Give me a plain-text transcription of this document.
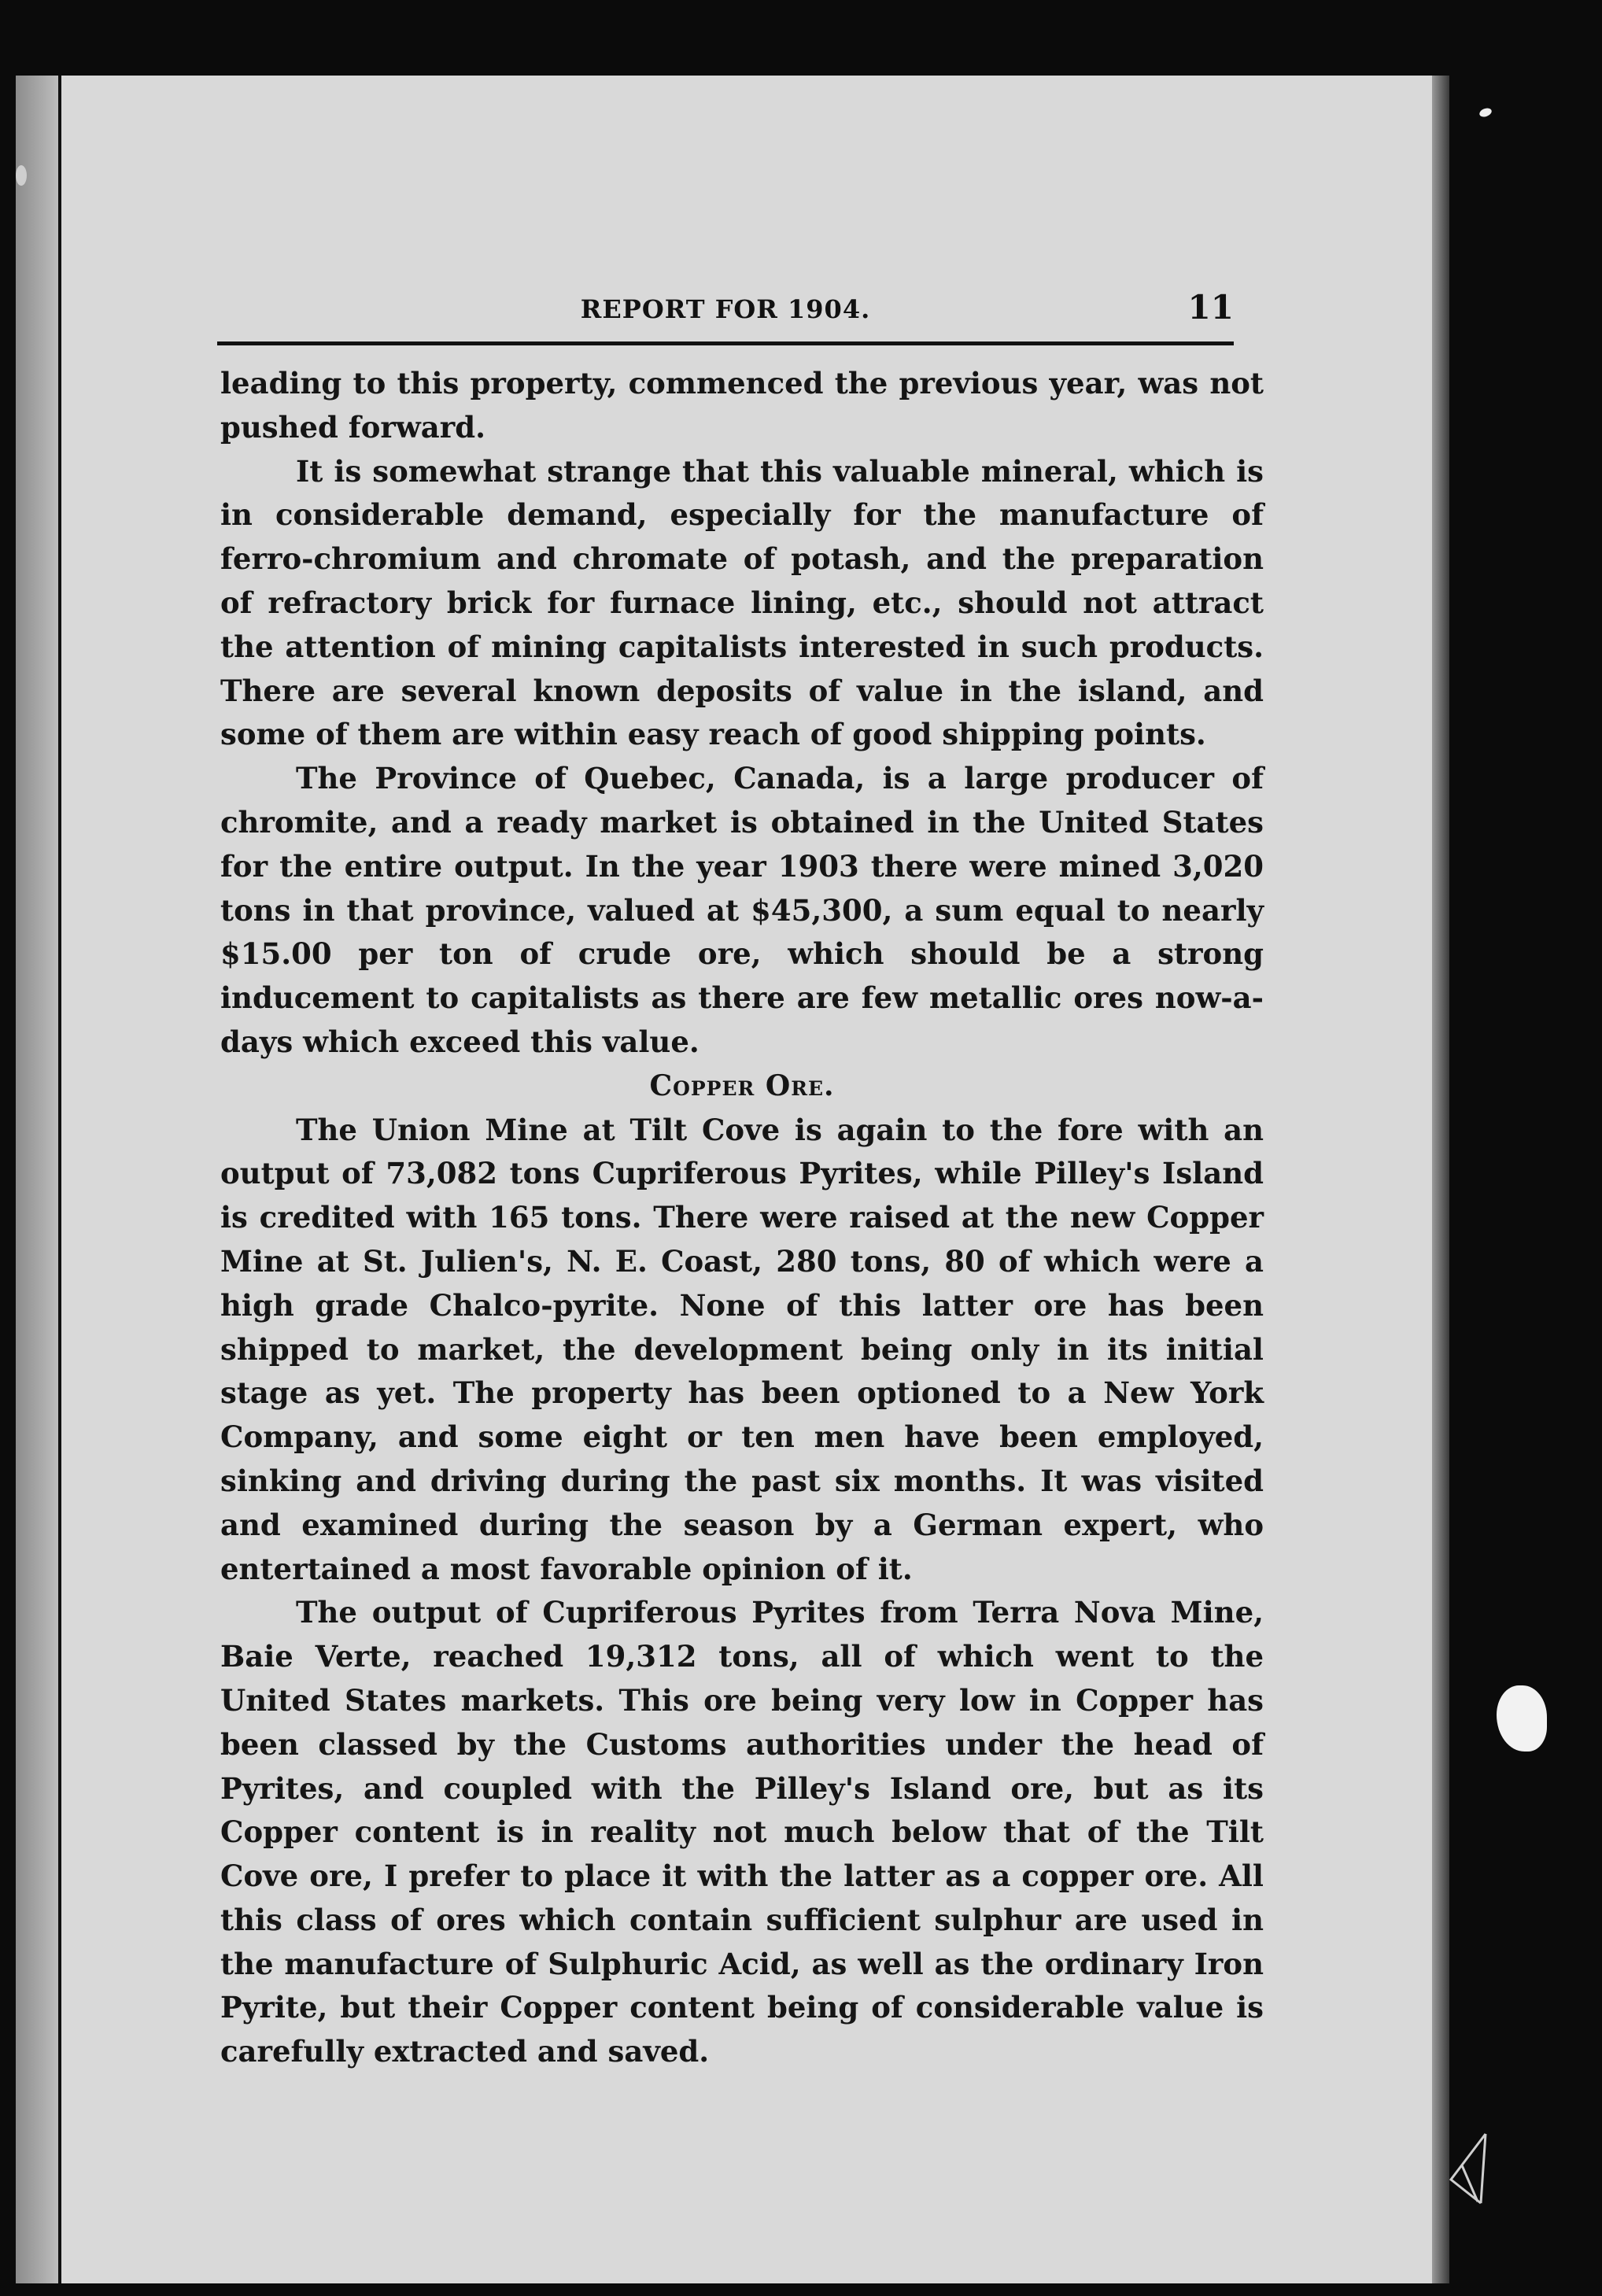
REPORT FOR 1904.	11

leading to this property, commenced the previous year, was not pushed forward.

It is somewhat strange that this valuable mineral, which is in considerable demand, especially for the manufacture of ferro-chromium and chromate of potash, and the preparation of refractory brick for furnace lining, etc., should not attract the attention of mining capitalists interested in such products. There are several known deposits of value in the island, and some of them are within easy reach of good shipping points.

The Province of Quebec, Canada, is a large producer of chromite, and a ready market is obtained in the United States for the entire output. In the year 1903 there were mined 3,020 tons in that province, valued at $45,300, a sum equal to nearly $15.00 per ton of crude ore, which should be a strong inducement to capitalists as there are few metallic ores now-a-days which exceed this value.

Copper Ore.

The Union Mine at Tilt Cove is again to the fore with an output of 73,082 tons Cupriferous Pyrites, while Pilley's Island is credited with 165 tons. There were raised at the new Copper Mine at St. Julien's, N. E. Coast, 280 tons, 80 of which were a high grade Chalco-pyrite. None of this latter ore has been shipped to market, the development being only in its initial stage as yet. The property has been optioned to a New York Company, and some eight or ten men have been employed, sinking and driving during the past six months. It was visited and examined during the season by a German expert, who entertained a most favorable opinion of it.

The output of Cupriferous Pyrites from Terra Nova Mine, Baie Verte, reached 19,312 tons, all of which went to the United States markets. This ore being very low in Copper has been classed by the Customs authorities under the head of Pyrites, and coupled with the Pilley's Island ore, but as its Copper content is in reality not much below that of the Tilt Cove ore, I prefer to place it with the latter as a copper ore. All this class of ores which contain sufficient sulphur are used in the manufacture of Sulphuric Acid, as well as the ordinary Iron Pyrite, but their Copper content being of considerable value is carefully extracted and saved.
